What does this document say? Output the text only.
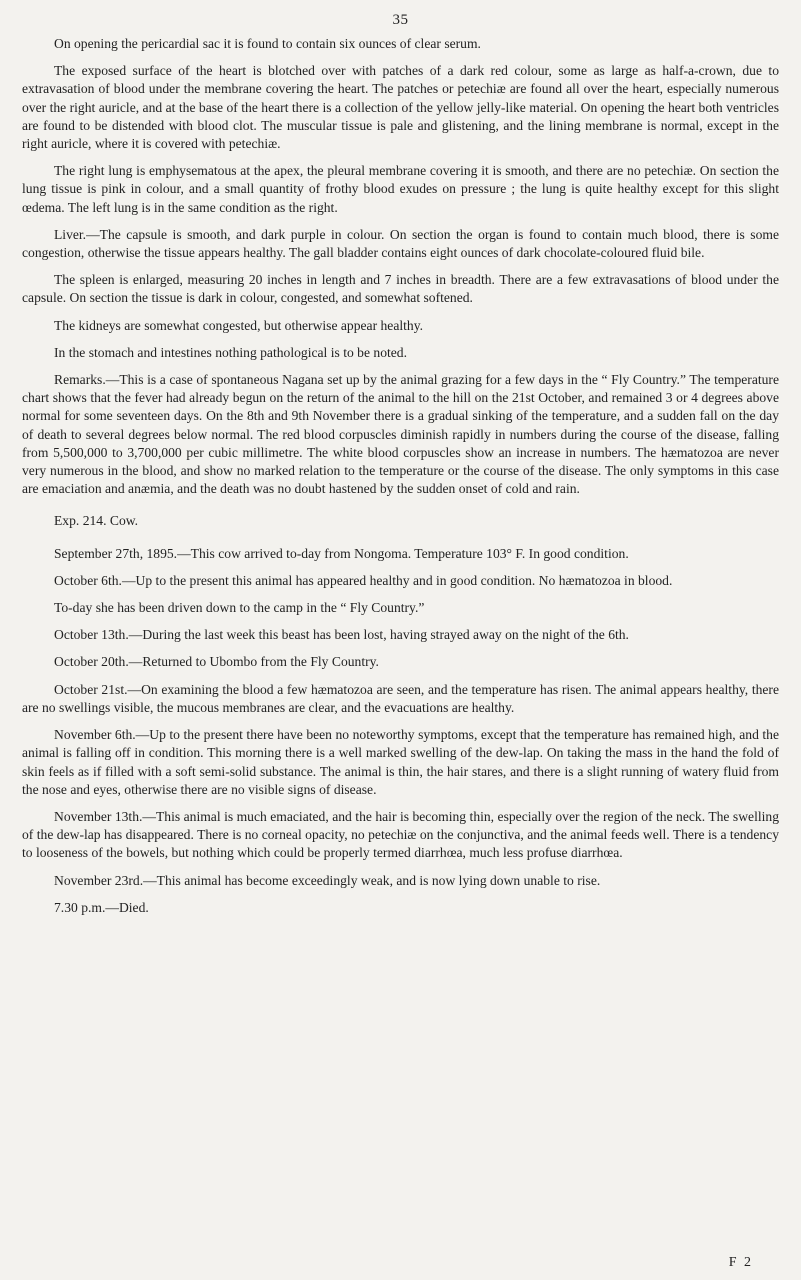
35

On opening the pericardial sac it is found to contain six ounces of clear serum.

The exposed surface of the heart is blotched over with patches of a dark red colour, some as large as half-a-crown, due to extravasation of blood under the membrane covering the heart. The patches or petechiæ are found all over the heart, especially numerous over the right auricle, and at the base of the heart there is a collection of the yellow jelly-like material. On opening the heart both ventricles are found to be distended with blood clot. The muscular tissue is pale and glistening, and the lining membrane is normal, except in the right auricle, where it is covered with petechiæ.

The right lung is emphysematous at the apex, the pleural membrane covering it is smooth, and there are no petechiæ. On section the lung tissue is pink in colour, and a small quantity of frothy blood exudes on pressure ; the lung is quite healthy except for this slight œdema. The left lung is in the same condition as the right.

Liver.—The capsule is smooth, and dark purple in colour. On section the organ is found to contain much blood, there is some congestion, otherwise the tissue appears healthy. The gall bladder contains eight ounces of dark chocolate-coloured fluid bile.

The spleen is enlarged, measuring 20 inches in length and 7 inches in breadth. There are a few extravasations of blood under the capsule. On section the tissue is dark in colour, congested, and somewhat softened.

The kidneys are somewhat congested, but otherwise appear healthy.

In the stomach and intestines nothing pathological is to be noted.

Remarks.—This is a case of spontaneous Nagana set up by the animal grazing for a few days in the “ Fly Country.” The temperature chart shows that the fever had already begun on the return of the animal to the hill on the 21st October, and remained 3 or 4 degrees above normal for some seventeen days. On the 8th and 9th November there is a gradual sinking of the temperature, and a sudden fall on the day of death to several degrees below normal. The red blood corpuscles diminish rapidly in numbers during the course of the disease, falling from 5,500,000 to 3,700,000 per cubic millimetre. The white blood corpuscles show an increase in numbers. The hæmatozoa are never very numerous in the blood, and show no marked relation to the temperature or the course of the disease. The only symptoms in this case are emaciation and anæmia, and the death was no doubt hastened by the sudden onset of cold and rain.

Exp. 214. Cow.

September 27th, 1895.—This cow arrived to-day from Nongoma. Temperature 103° F. In good condition.

October 6th.—Up to the present this animal has appeared healthy and in good condition. No hæmatozoa in blood.

To-day she has been driven down to the camp in the “ Fly Country.”

October 13th.—During the last week this beast has been lost, having strayed away on the night of the 6th.

October 20th.—Returned to Ubombo from the Fly Country.

October 21st.—On examining the blood a few hæmatozoa are seen, and the temperature has risen. The animal appears healthy, there are no swellings visible, the mucous membranes are clear, and the evacuations are healthy.

November 6th.—Up to the present there have been no noteworthy symptoms, except that the temperature has remained high, and the animal is falling off in condition. This morning there is a well marked swelling of the dew-lap. On taking the mass in the hand the fold of skin feels as if filled with a soft semi-solid substance. The animal is thin, the hair stares, and there is a slight running of watery fluid from the nose and eyes, otherwise there are no visible signs of disease.

November 13th.—This animal is much emaciated, and the hair is becoming thin, especially over the region of the neck. The swelling of the dew-lap has disappeared. There is no corneal opacity, no petechiæ on the conjunctiva, and the animal feeds well. There is a tendency to looseness of the bowels, but nothing which could be properly termed diarrhœa, much less profuse diarrhœa.

November 23rd.—This animal has become exceedingly weak, and is now lying down unable to rise.

7.30 p.m.—Died.

F 2
